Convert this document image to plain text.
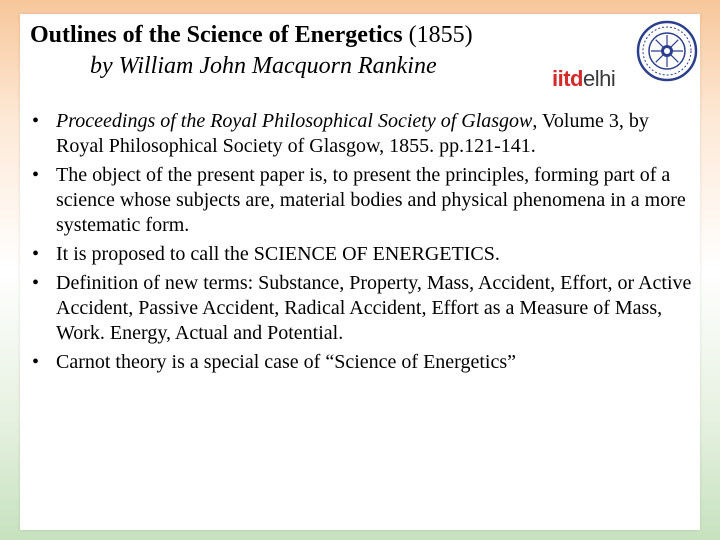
Outlines of the Science of Energetics (1855)
by William John Macquorn Rankine	iitdelhi
• Proceedings of the Royal Philosophical Society of Glasgow, Volume 3, by Royal Philosophical Society of Glasgow, 1855. pp.121-141.
• The object of the present paper is, to present the principles, forming part of a science whose subjects are, material bodies and physical phenomena in a more systematic form.
• It is proposed to call the SCIENCE OF ENERGETICS.
• Definition of new terms: Substance, Property, Mass, Accident, Effort, or Active Accident, Passive Accident, Radical Accident, Effort as a Measure of Mass, Work. Energy, Actual and Potential.
• Carnot theory is a special case of “Science of Energetics”
